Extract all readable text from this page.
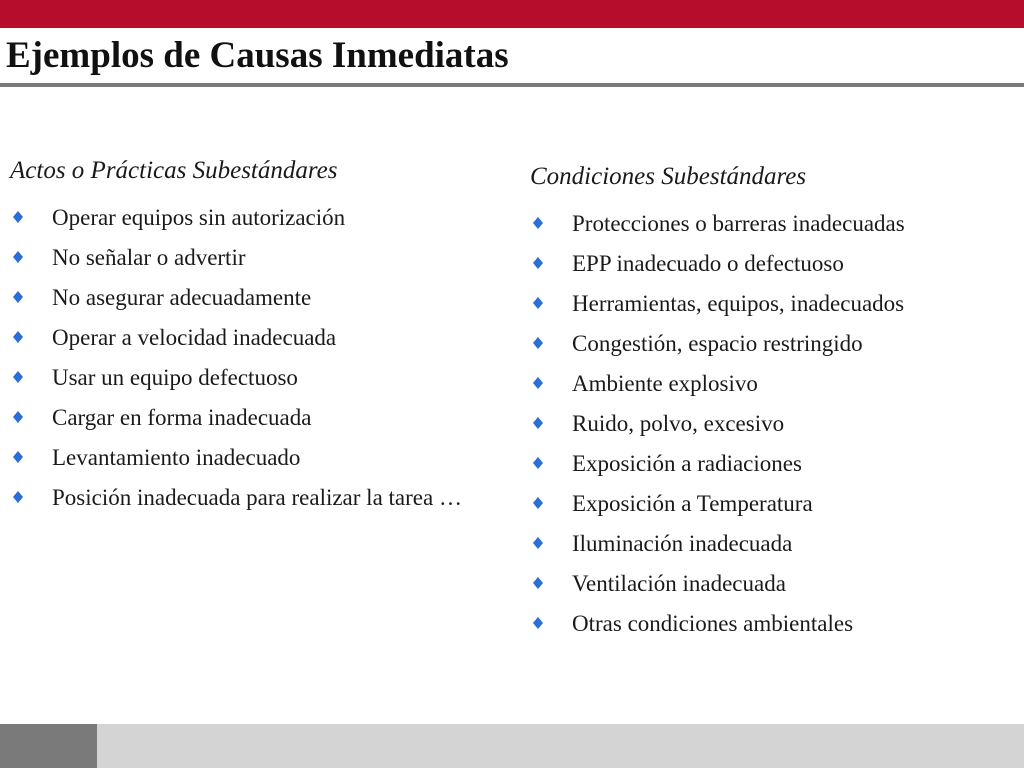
Ejemplos de Causas Inmediatas
Actos o Prácticas Subestándares
Operar equipos sin autorización
No señalar o advertir
No asegurar adecuadamente
Operar a velocidad inadecuada
Usar un equipo defectuoso
Cargar en forma inadecuada
Levantamiento inadecuado
Posición inadecuada para realizar la tarea …
Condiciones Subestándares
Protecciones o barreras inadecuadas
EPP inadecuado o defectuoso
Herramientas, equipos, inadecuados
Congestión, espacio restringido
Ambiente explosivo
Ruido, polvo, excesivo
Exposición a radiaciones
Exposición a Temperatura
Iluminación inadecuada
Ventilación inadecuada
Otras condiciones ambientales
